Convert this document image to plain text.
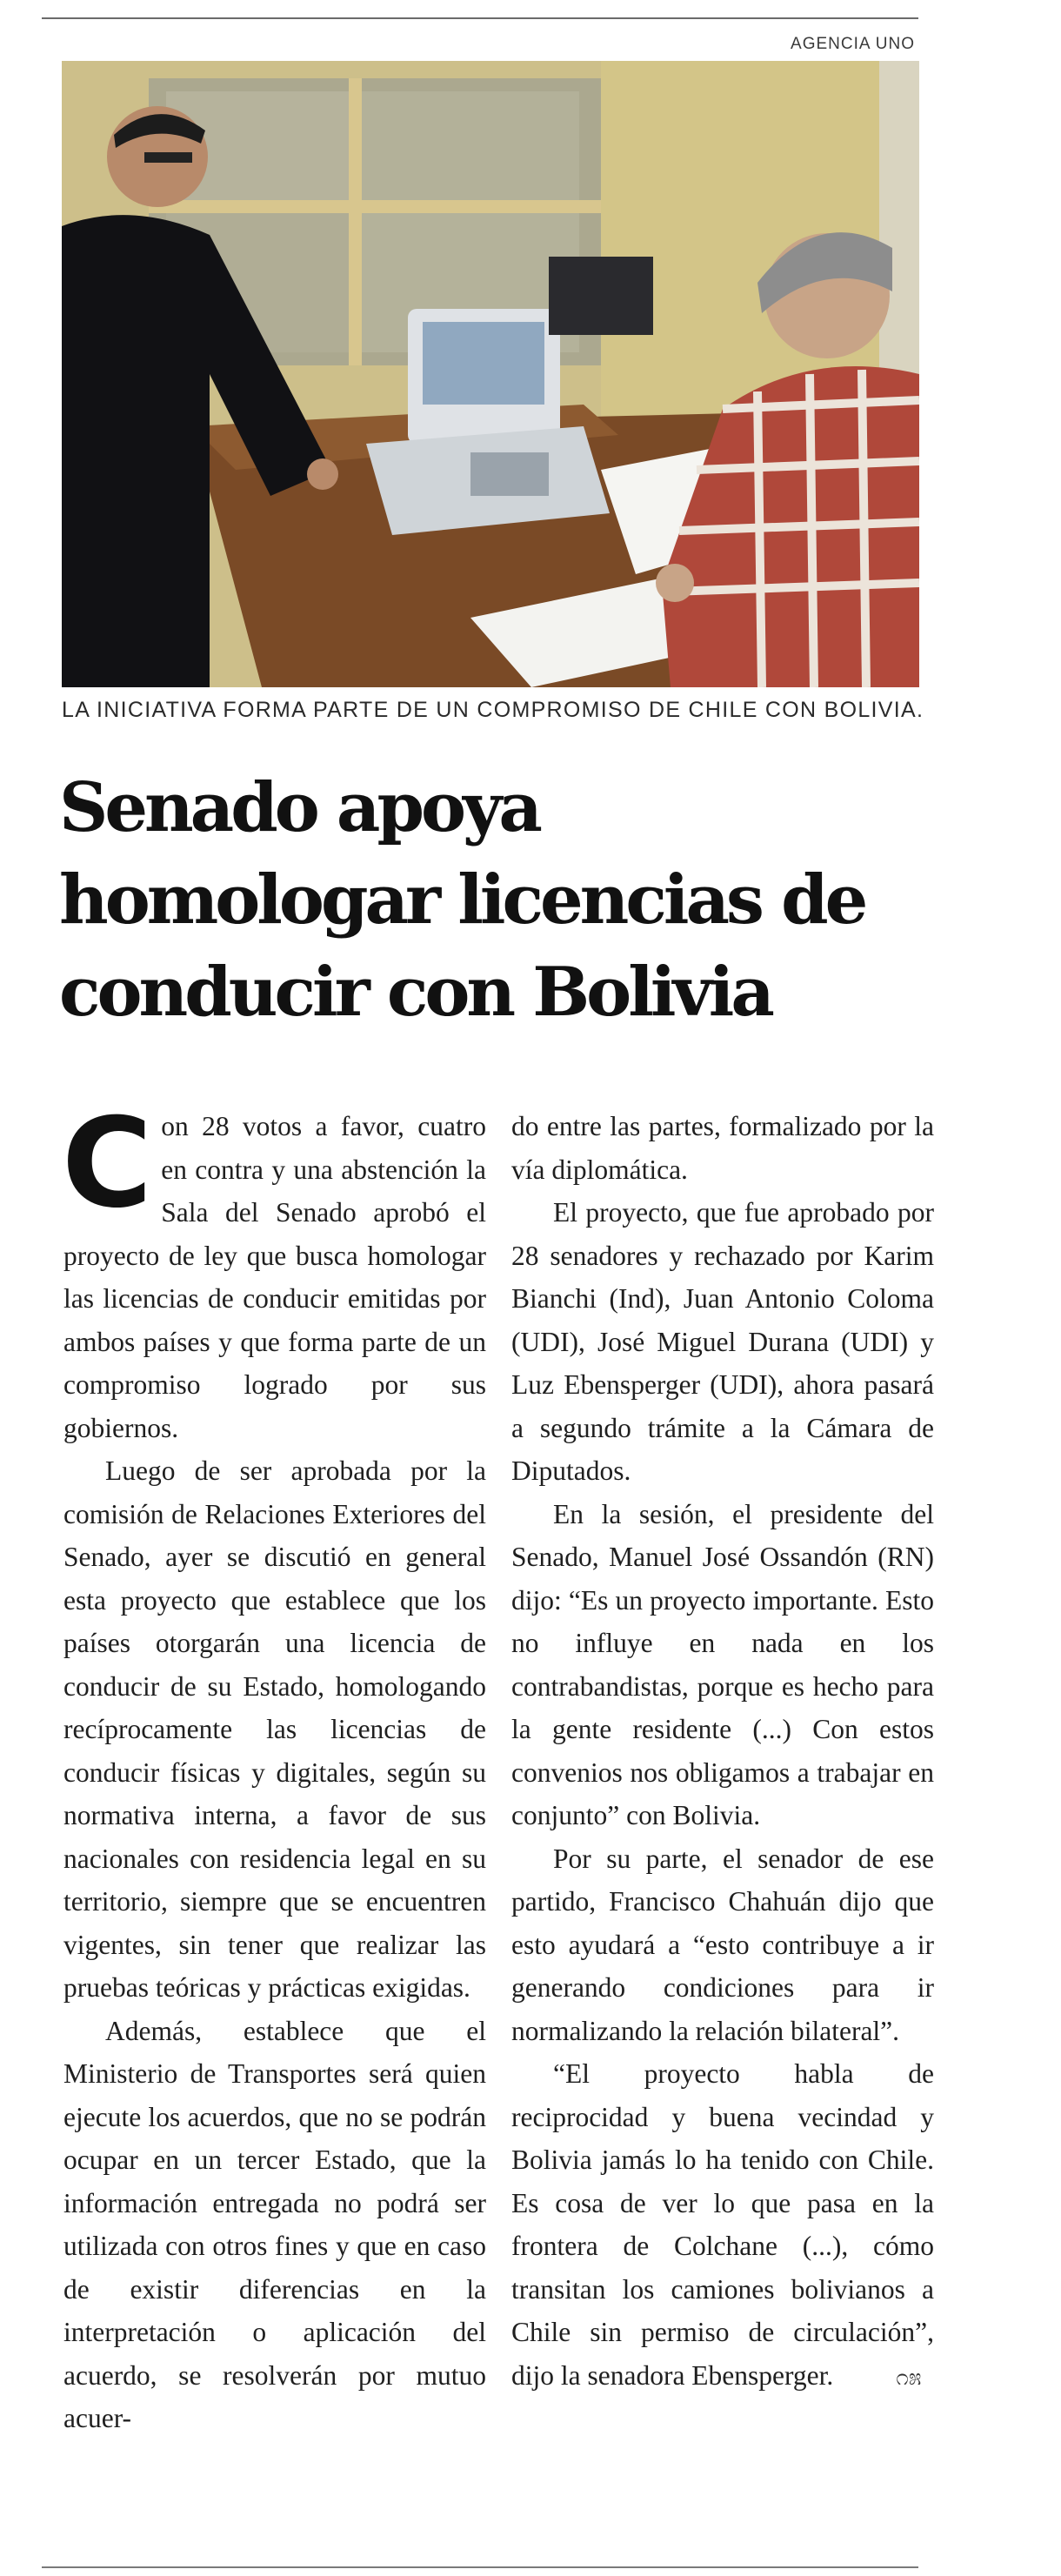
AGENCIA UNO
LA INICIATIVA FORMA PARTE DE UN COMPROMISO DE CHILE CON BOLIVIA.
Senado apoya
homologar licencias de
conducir con Bolivia

Con 28 votos a favor, cuatro en contra y una abstención la Sala del Senado aprobó el proyecto de ley que busca homologar las licencias de conducir emitidas por ambos países y que forma parte de un compromiso logrado por sus gobiernos.

Luego de ser aprobada por la comisión de Relaciones Exteriores del Senado, ayer se discutió en general esta proyecto que establece que los países otorgarán una licencia de conducir de su Estado, homologando recíprocamente las licencias de conducir físicas y digitales, según su normativa interna, a favor de sus nacionales con residencia legal en su territorio, siempre que se encuentren vigentes, sin tener que realizar las pruebas teóricas y prácticas exigidas.

Además, establece que el Ministerio de Transportes será quien ejecute los acuerdos, que no se podrán ocupar en un tercer Estado, que la información entregada no podrá ser utilizada con otros fines y que en caso de existir diferencias en la interpretación o aplicación del acuerdo, se resolverán por mutuo acuer-

do entre las partes, formalizado por la vía diplomática.

El proyecto, que fue aprobado por 28 senadores y rechazado por Karim Bianchi (Ind), Juan Antonio Coloma (UDI), José Miguel Durana (UDI) y Luz Ebensperger (UDI), ahora pasará a segundo trámite a la Cámara de Diputados.

En la sesión, el presidente del Senado, Manuel José Ossandón (RN) dijo: “Es un proyecto importante. Esto no influye en nada en los contrabandistas, porque es hecho para la gente residente (...) Con estos convenios nos obligamos a trabajar en conjunto” con Bolivia.

Por su parte, el senador de ese partido, Francisco Chahuán dijo que esto ayudará a “esto contribuye a ir generando condiciones para ir normalizando la relación bilateral”.

“El proyecto habla de reciprocidad y buena vecindad y Bolivia jamás lo ha tenido con Chile. Es cosa de ver lo que pasa en la frontera de Colchane (...), cómo transitan los camiones bolivianos a Chile sin permiso de circulación”, dijo la senadora Ebensperger.	೧೫
